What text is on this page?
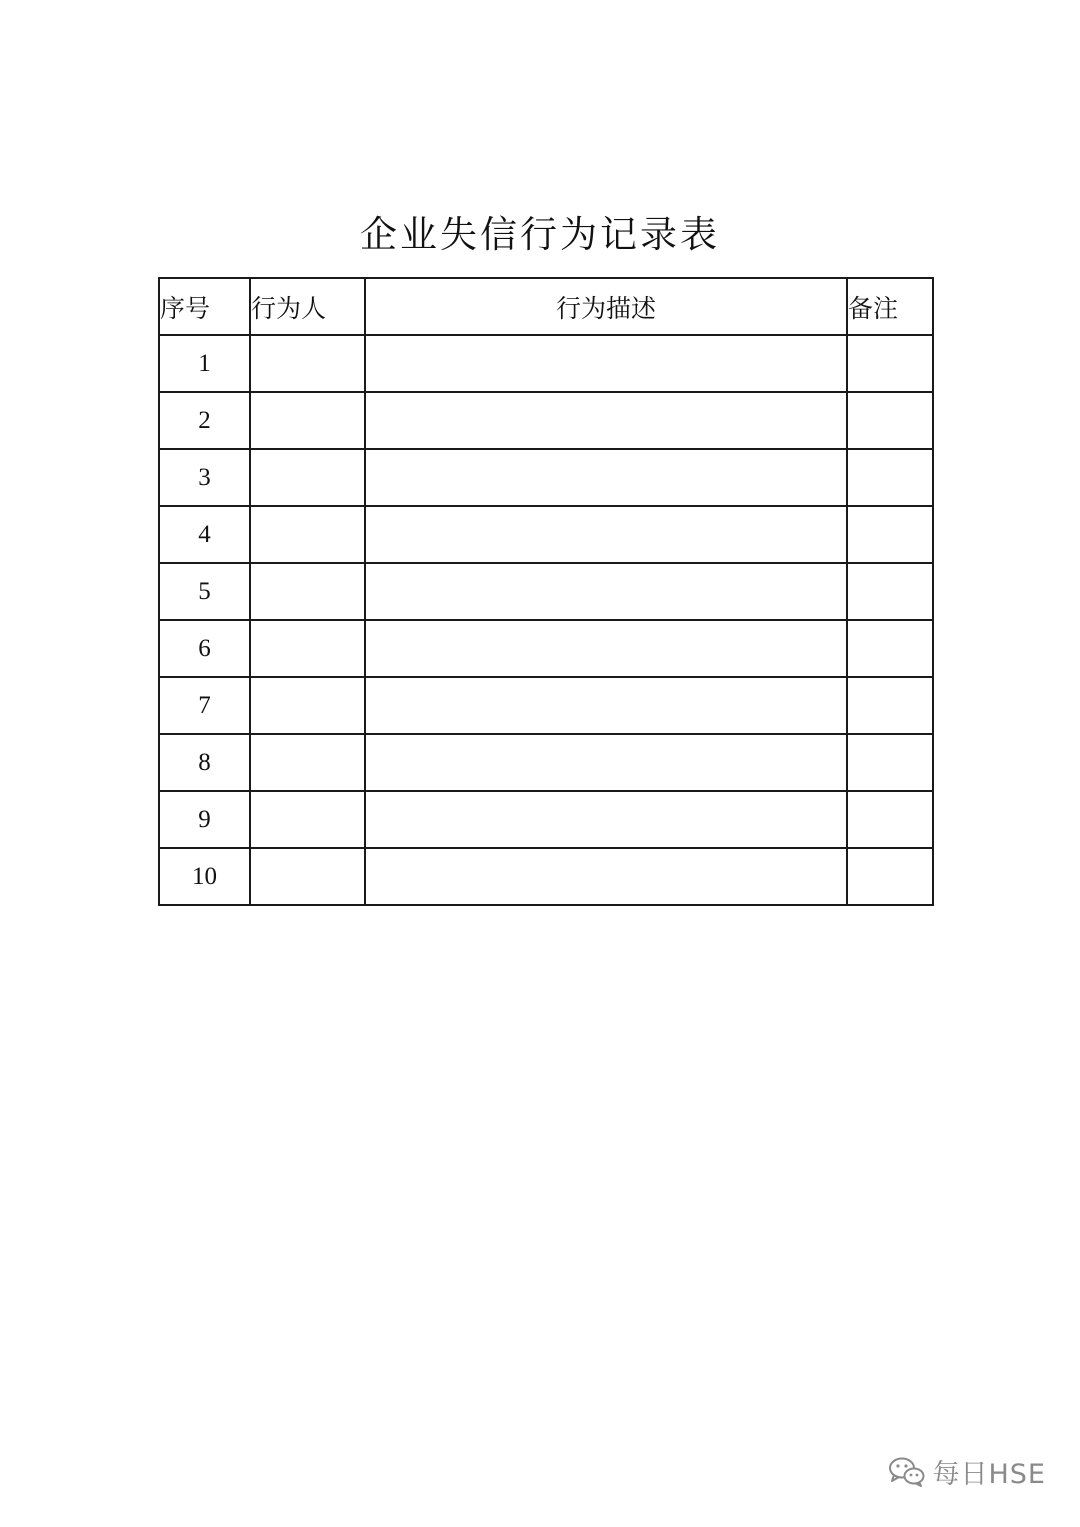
企业失信行为记录表
序号	行为人	行为描述	备注
1			
2			
3			
4			
5			
6			
7			
8			
9			
10			
每日HSE
